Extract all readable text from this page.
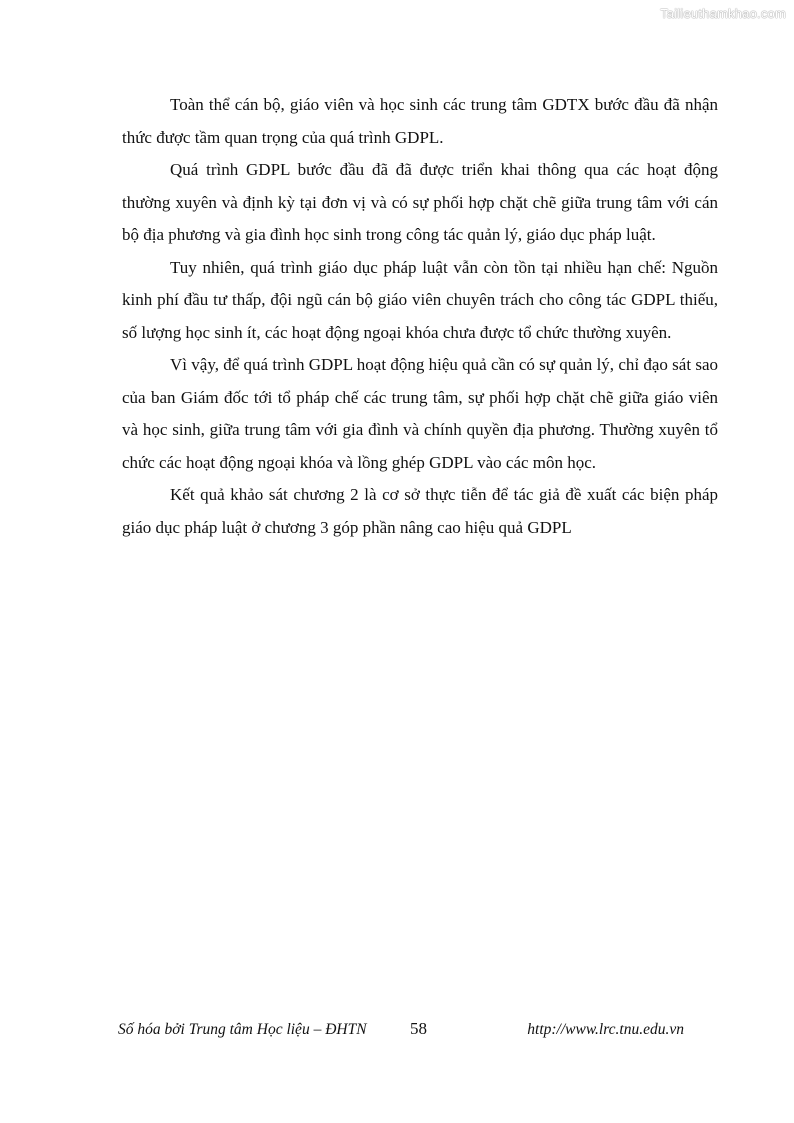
Tailieuthamkhao.com

Toàn thể cán bộ, giáo viên và học sinh các trung tâm GDTX bước đầu đã nhận thức được tầm quan trọng của quá trình GDPL.

Quá trình GDPL bước đầu đã đã được triển khai thông qua các hoạt động thường xuyên và định kỳ tại đơn vị và có sự phối hợp chặt chẽ giữa trung tâm với cán bộ địa phương và gia đình học sinh trong công tác quản lý, giáo dục pháp luật.

Tuy nhiên, quá trình giáo dục pháp luật vẫn còn tồn tại nhiều hạn chế: Nguồn kinh phí đầu tư thấp, đội ngũ cán bộ giáo viên chuyên trách cho công tác GDPL thiếu, số lượng học sinh ít, các hoạt động ngoại khóa chưa được tổ chức thường xuyên.

Vì vậy, để quá trình GDPL hoạt động hiệu quả cần có sự quản lý, chỉ đạo sát sao của ban Giám đốc tới tổ pháp chế các trung tâm, sự phối hợp chặt chẽ giữa giáo viên và học sinh, giữa trung tâm với gia đình và chính quyền địa phương. Thường xuyên tổ chức các hoạt động ngoại khóa và lồng ghép GDPL vào các môn học.

Kết quả khảo sát chương 2 là cơ sở thực tiễn để tác giả đề xuất các biện pháp giáo dục pháp luật ở chương 3 góp phần nâng cao hiệu quả GDPL

Số hóa bởi Trung tâm Học liệu – ĐHTN	58	http://www.lrc.tnu.edu.vn
